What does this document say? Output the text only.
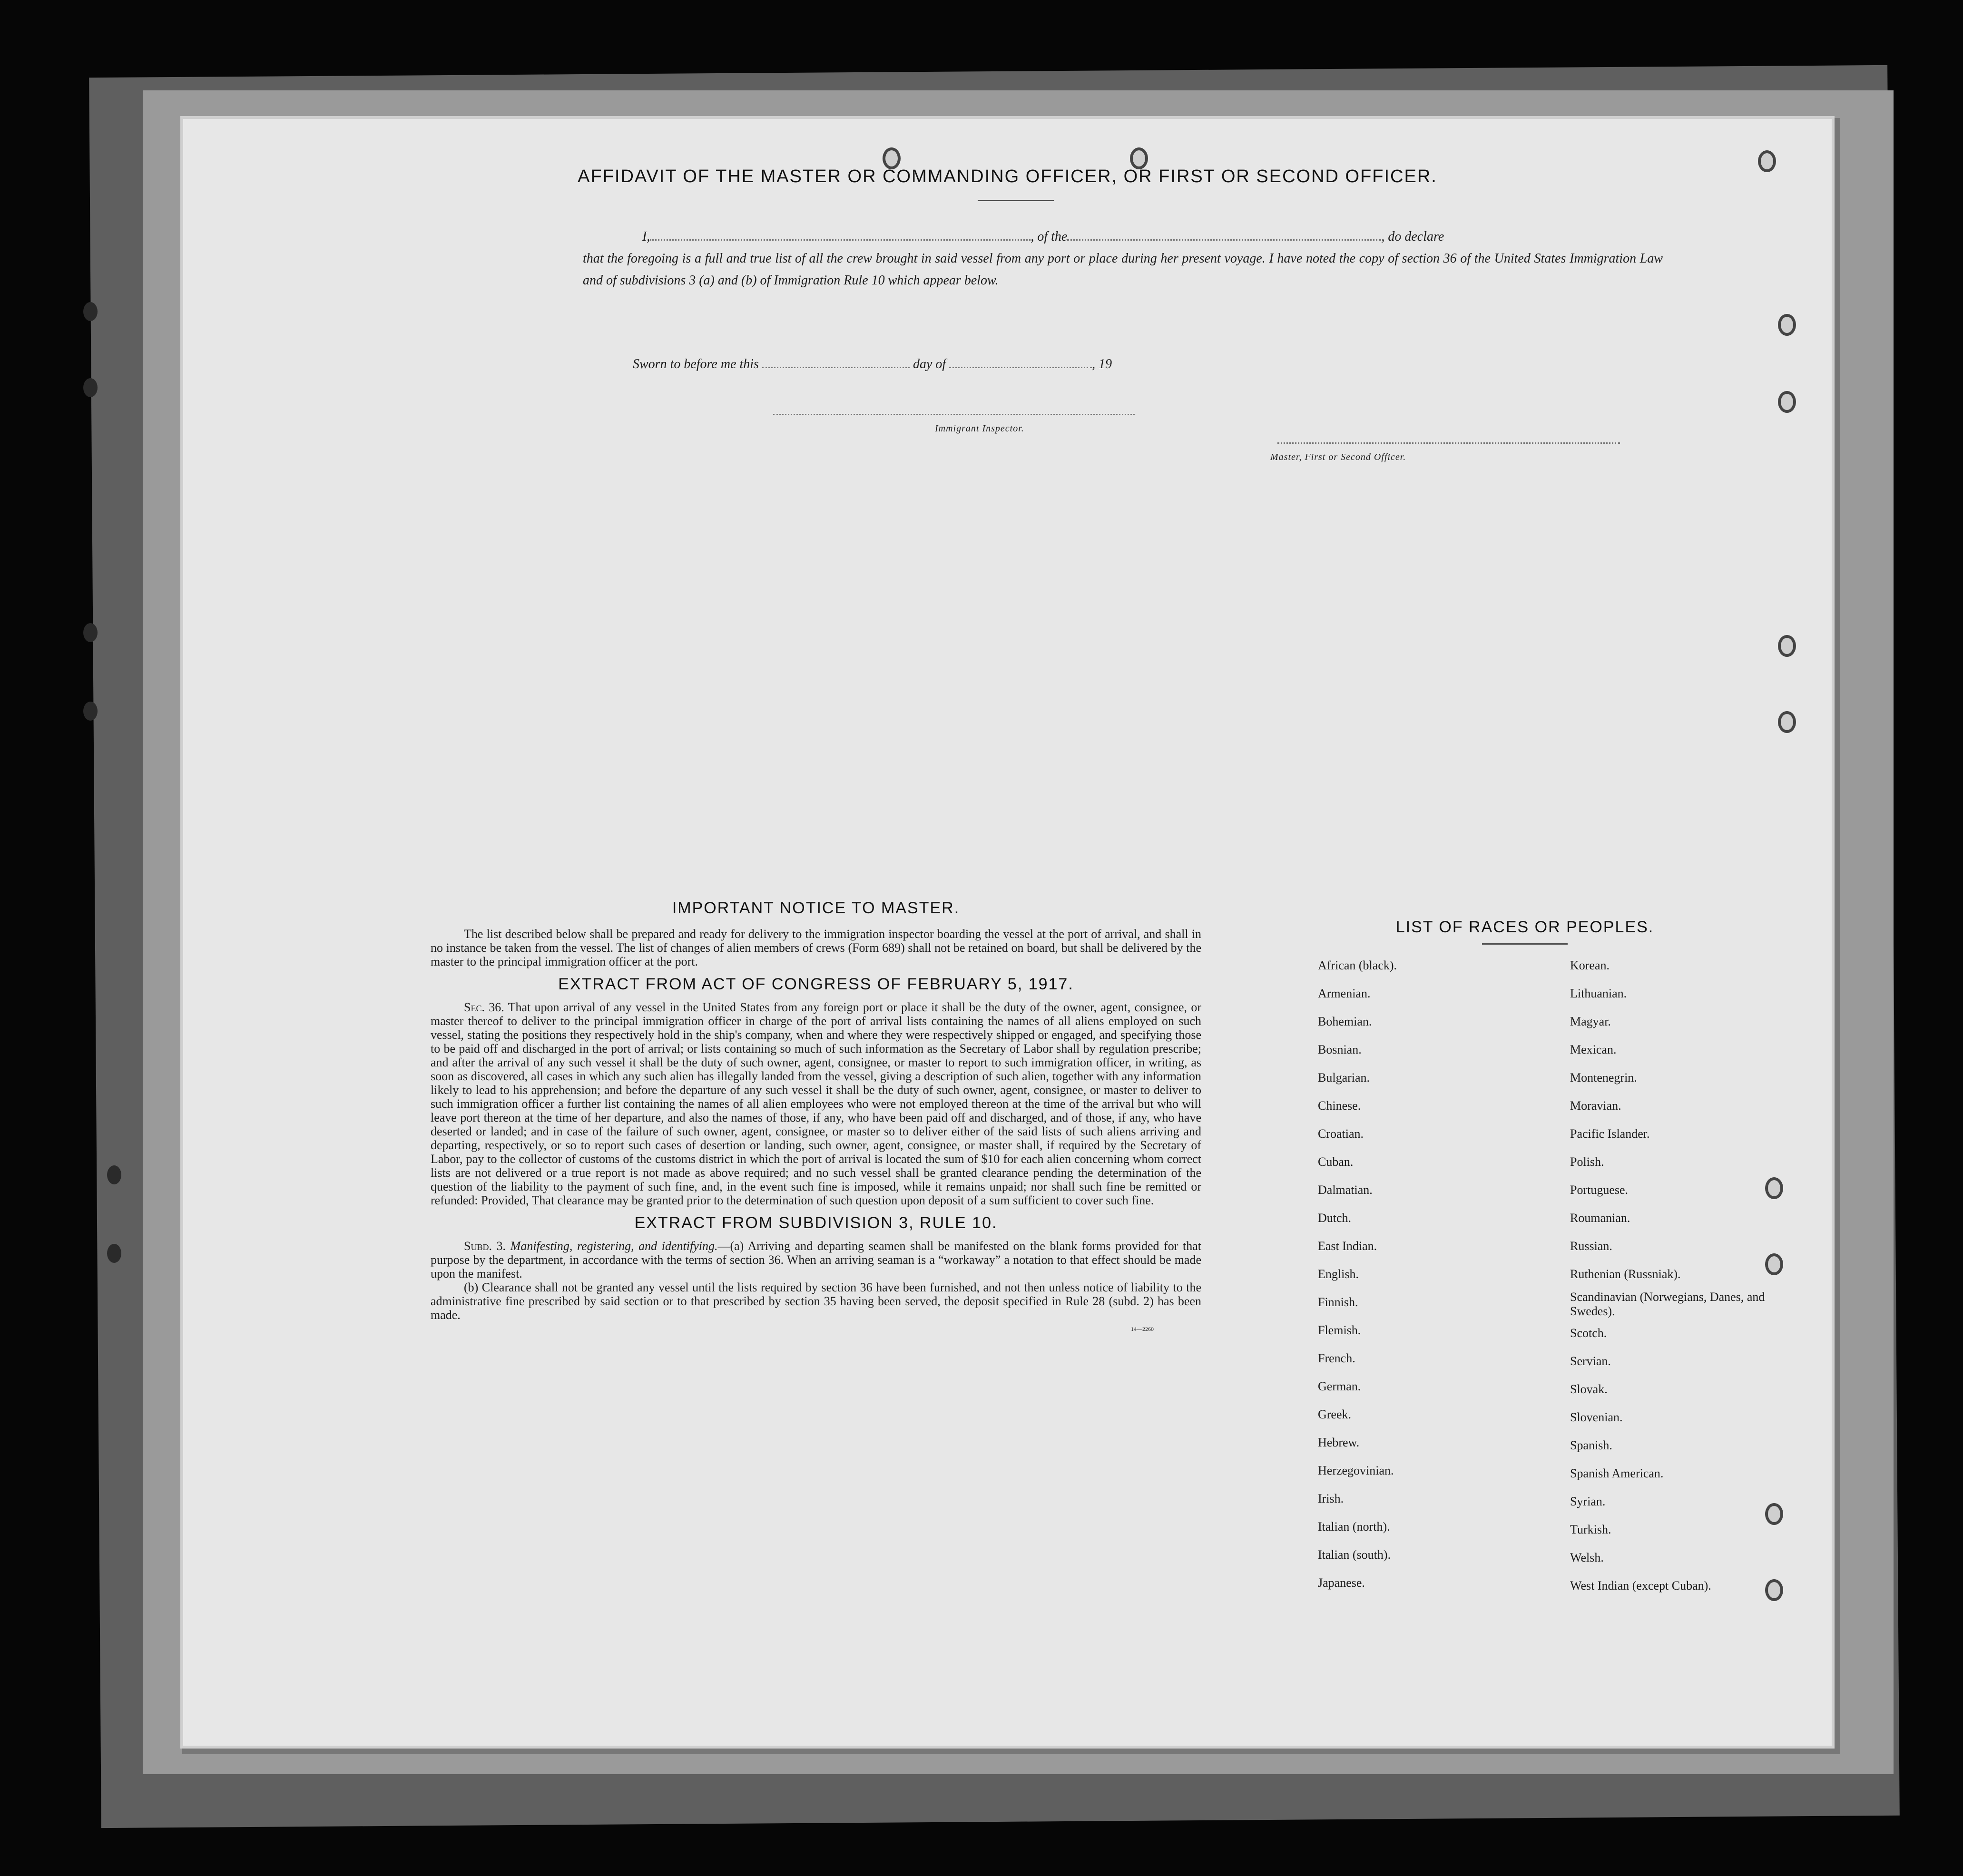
AFFIDAVIT OF THE MASTER OR COMMANDING OFFICER, OR FIRST OR SECOND OFFICER.
I,	, of the	, do declare
that the foregoing is a full and true list of all the crew brought in said vessel from any port or place during her present voyage. I have noted the copy of section 36 of the United States Immigration Law and of subdivisions 3 (a) and (b) of Immigration Rule 10 which appear below.
Master, First or Second Officer.
Sworn to before me this	day of	, 19
Immigrant Inspector.
IMPORTANT NOTICE TO MASTER.

The list described below shall be prepared and ready for delivery to the immigration inspector boarding the vessel at the port of arrival, and shall in no instance be taken from the vessel. The list of changes of alien members of crews (Form 689) shall not be retained on board, but shall be delivered by the master to the principal immigration officer at the port.

EXTRACT FROM ACT OF CONGRESS OF FEBRUARY 5, 1917.

Sec. 36. That upon arrival of any vessel in the United States from any foreign port or place it shall be the duty of the owner, agent, consignee, or master thereof to deliver to the principal immigration officer in charge of the port of arrival lists containing the names of all aliens employed on such vessel, stating the positions they respectively hold in the ship's company, when and where they were respectively shipped or engaged, and specifying those to be paid off and discharged in the port of arrival; or lists containing so much of such information as the Secretary of Labor shall by regulation prescribe; and after the arrival of any such vessel it shall be the duty of such owner, agent, consignee, or master to report to such immigration officer, in writing, as soon as discovered, all cases in which any such alien has illegally landed from the vessel, giving a description of such alien, together with any information likely to lead to his apprehension; and before the departure of any such vessel it shall be the duty of such owner, agent, consignee, or master to deliver to such immigration officer a further list containing the names of all alien employees who were not employed thereon at the time of the arrival but who will leave port thereon at the time of her departure, and also the names of those, if any, who have been paid off and discharged, and of those, if any, who have deserted or landed; and in case of the failure of such owner, agent, consignee, or master so to deliver either of the said lists of such aliens arriving and departing, respectively, or so to report such cases of desertion or landing, such owner, agent, consignee, or master shall, if required by the Secretary of Labor, pay to the collector of customs of the customs district in which the port of arrival is located the sum of $10 for each alien concerning whom correct lists are not delivered or a true report is not made as above required; and no such vessel shall be granted clearance pending the determination of the question of the liability to the payment of such fine, and, in the event such fine is imposed, while it remains unpaid; nor shall such fine be remitted or refunded: Provided, That clearance may be granted prior to the determination of such question upon deposit of a sum sufficient to cover such fine.

EXTRACT FROM SUBDIVISION 3, RULE 10.

Subd. 3. Manifesting, registering, and identifying.—(a) Arriving and departing seamen shall be manifested on the blank forms provided for that purpose by the department, in accordance with the terms of section 36. When an arriving seaman is a “workaway” a notation to that effect should be made upon the manifest.

(b) Clearance shall not be granted any vessel until the lists required by section 36 have been furnished, and not then unless notice of liability to the administrative fine prescribed by said section or to that prescribed by section 35 having been served, the deposit specified in Rule 28 (subd. 2) has been made.

14—2260
LIST OF RACES OR PEOPLES.

African (black).

Armenian.

Bohemian.

Bosnian.

Bulgarian.

Chinese.

Croatian.

Cuban.

Dalmatian.

Dutch.

East Indian.

English.

Finnish.

Flemish.

French.

German.

Greek.

Hebrew.

Herzegovinian.

Irish.

Italian (north).

Italian (south).

Japanese.

Korean.

Lithuanian.

Magyar.

Mexican.

Montenegrin.

Moravian.

Pacific Islander.

Polish.

Portuguese.

Roumanian.

Russian.

Ruthenian (Russniak).

Scandinavian (Norwegians, Danes, and Swedes).

Scotch.

Servian.

Slovak.

Slovenian.

Spanish.

Spanish American.

Syrian.

Turkish.

Welsh.

West Indian (except Cuban).
